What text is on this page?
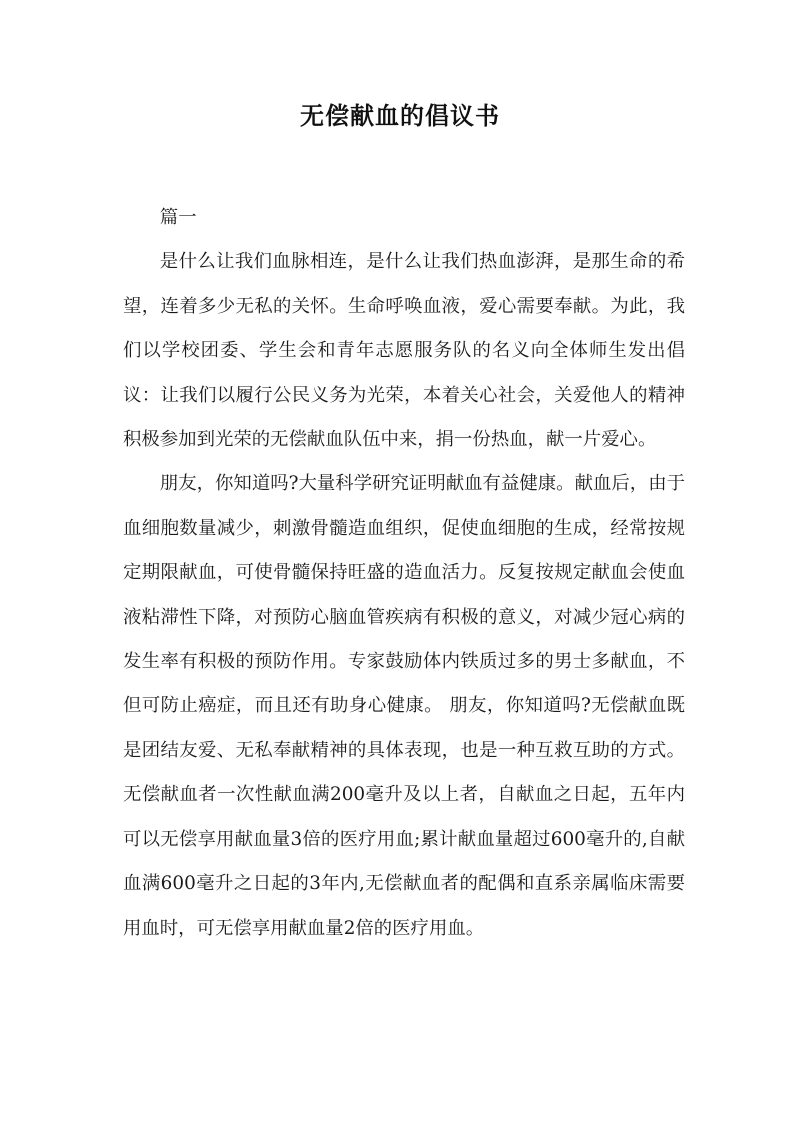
无偿献血的倡议书

篇一

是什么让我们血脉相连，是什么让我们热血澎湃，是那生命的希望，连着多少无私的关怀。生命呼唤血液，爱心需要奉献。为此，我们以学校团委、学生会和青年志愿服务队的名义向全体师生发出倡议：让我们以履行公民义务为光荣，本着关心社会，关爱他人的精神积极参加到光荣的无偿献血队伍中来，捐一份热血，献一片爱心。

朋友，你知道吗?大量科学研究证明献血有益健康。献血后，由于血细胞数量减少，刺激骨髓造血组织，促使血细胞的生成，经常按规定期限献血，可使骨髓保持旺盛的造血活力。反复按规定献血会使血液粘滞性下降，对预防心脑血管疾病有积极的意义，对减少冠心病的发生率有积极的预防作用。专家鼓励体内铁质过多的男士多献血，不但可防止癌症，而且还有助身心健康。 朋友，你知道吗?无偿献血既是团结友爱、无私奉献精神的具体表现，也是一种互救互助的方式。无偿献血者一次性献血满200毫升及以上者，自献血之日起，五年内可以无偿享用献血量3倍的医疗用血;累计献血量超过600毫升的,自献血满600毫升之日起的3年内,无偿献血者的配偶和直系亲属临床需要用血时，可无偿享用献血量2倍的医疗用血。
